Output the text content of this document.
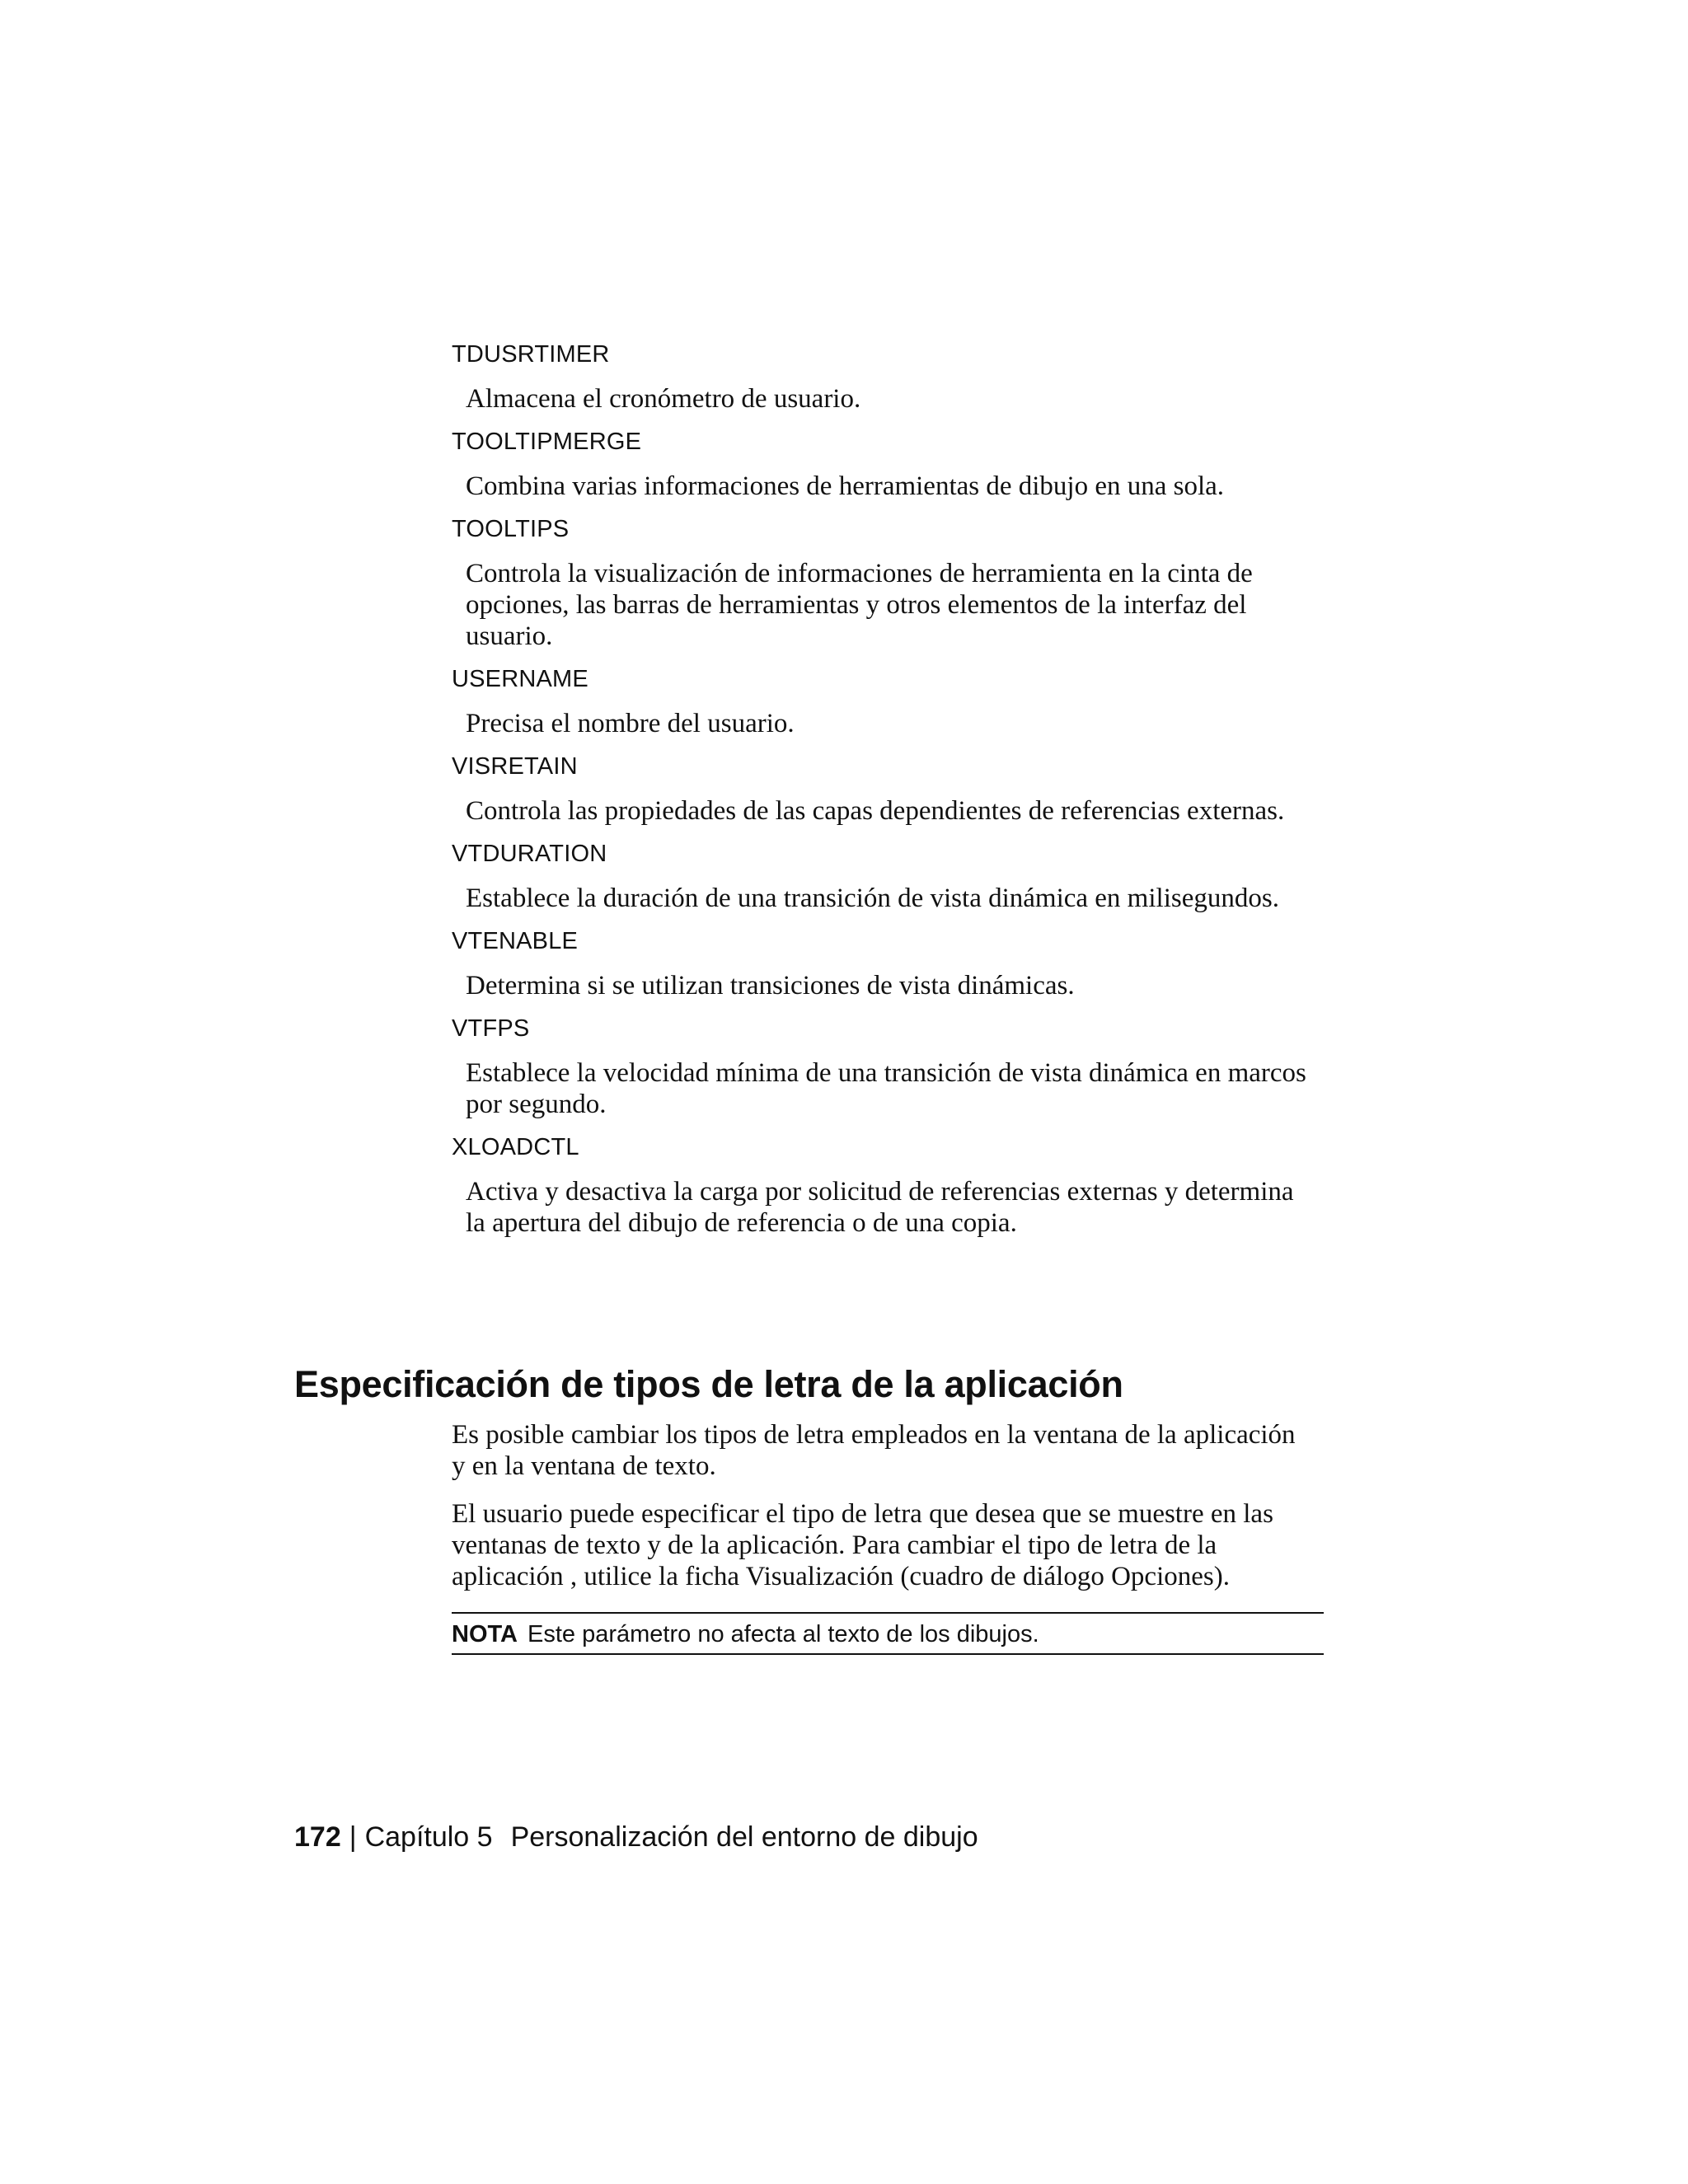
TDUSRTIMER

Almacena el cronómetro de usuario.

TOOLTIPMERGE

Combina varias informaciones de herramientas de dibujo en una sola.

TOOLTIPS

Controla la visualización de informaciones de herramienta en la cinta de
opciones, las barras de herramientas y otros elementos de la interfaz del
usuario.

USERNAME

Precisa el nombre del usuario.

VISRETAIN

Controla las propiedades de las capas dependientes de referencias externas.

VTDURATION

Establece la duración de una transición de vista dinámica en milisegundos.

VTENABLE

Determina si se utilizan transiciones de vista dinámicas.

VTFPS

Establece la velocidad mínima de una transición de vista dinámica en marcos
por segundo.

XLOADCTL

Activa y desactiva la carga por solicitud de referencias externas y determina
la apertura del dibujo de referencia o de una copia.
Especificación de tipos de letra de la aplicación
Es posible cambiar los tipos de letra empleados en la ventana de la aplicación
y en la ventana de texto.
El usuario puede especificar el tipo de letra que desea que se muestre en las
ventanas de texto y de la aplicación. Para cambiar el tipo de letra de la
aplicación , utilice la ficha Visualización (cuadro de diálogo Opciones).
NOTA Este parámetro no afecta al texto de los dibujos.
172 | Capítulo 5 Personalización del entorno de dibujo
